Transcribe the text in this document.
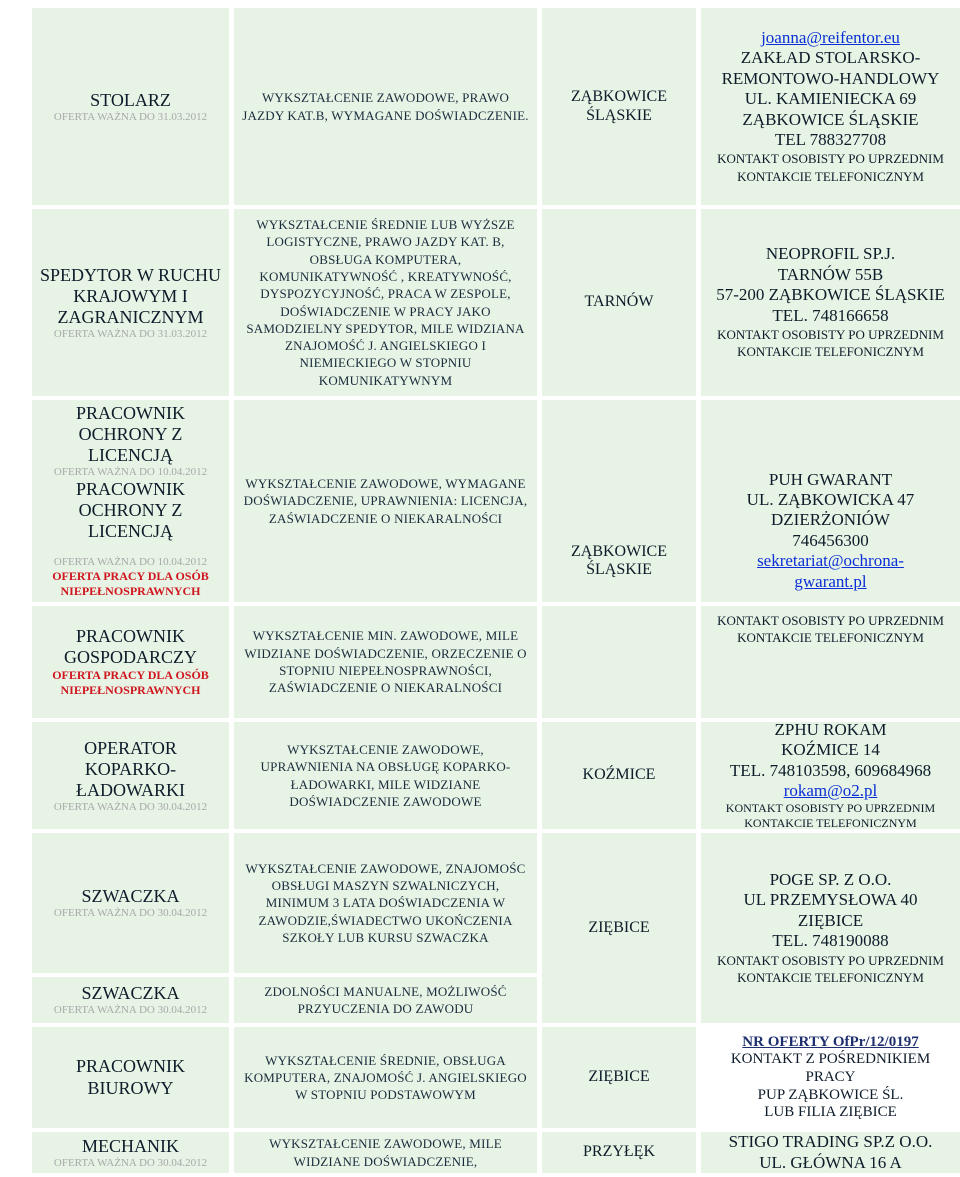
STOLARZ
OFERTA WAŻNA DO 31.03.2012
WYKSZTAŁCENIE ZAWODOWE, PRAWO JAZDY KAT.B, WYMAGANE DOŚWIADCZENIE.
ZĄBKOWICE ŚLĄSKIE
joanna@reifentor.eu
ZAKŁAD STOLARSKO-REMONTOWO-HANDLOWY
UL. KAMIENIECKA 69
ZĄBKOWICE ŚLĄSKIE
TEL 788327708
KONTAKT OSOBISTY PO UPRZEDNIM KONTAKCIE TELEFONICZNYM
SPEDYTOR W RUCHU KRAJOWYM I ZAGRANICZNYM
OFERTA WAŻNA DO 31.03.2012
WYKSZTAŁCENIE ŚREDNIE LUB WYŻSZE LOGISTYCZNE, PRAWO JAZDY KAT. B, OBSŁUGA KOMPUTERA, KOMUNIKATYWNOŚĆ , KREATYWNOŚĆ, DYSPOZYCYJNOŚĆ, PRACA W ZESPOLE, DOŚWIADCZENIE W PRACY JAKO SAMODZIELNY SPEDYTOR, MILE WIDZIANA ZNAJOMOŚĆ J. ANGIELSKIEGO I NIEMIECKIEGO W STOPNIU KOMUNIKATYWNYM
TARNÓW
NEOPROFIL SP.J.
TARNÓW 55B
57-200 ZĄBKOWICE ŚLĄSKIE
TEL. 748166658
KONTAKT OSOBISTY PO UPRZEDNIM KONTAKCIE TELEFONICZNYM
PRACOWNIK OCHRONY Z LICENCJĄ
OFERTA WAŻNA DO 10.04.2012
PRACOWNIK OCHRONY Z LICENCJĄ
OFERTA WAŻNA DO 10.04.2012
OFERTA PRACY DLA OSÓB NIEPEŁNOSPRAWNYCH
WYKSZTAŁCENIE ZAWODOWE, WYMAGANE DOŚWIADCZENIE, UPRAWNIENIA: LICENCJA, ZAŚWIADCZENIE O NIEKARALNOŚCI
ZĄBKOWICE ŚLĄSKIE
PUH GWARANT
UL. ZĄBKOWICKA 47
DZIERŻONIÓW
746456300
sekretariat@ochrona-gwarant.pl
PRACOWNIK GOSPODARCZY
OFERTA PRACY DLA OSÓB NIEPEŁNOSPRAWNYCH
WYKSZTAŁCENIE MIN. ZAWODOWE, MILE WIDZIANE DOŚWIADCZENIE, ORZECZENIE O STOPNIU NIEPEŁNOSPRAWNOŚCI, ZAŚWIADCZENIE O NIEKARALNOŚCI
KONTAKT OSOBISTY PO UPRZEDNIM KONTAKCIE TELEFONICZNYM
OPERATOR KOPARKO-ŁADOWARKI
OFERTA WAŻNA DO 30.04.2012
WYKSZTAŁCENIE ZAWODOWE, UPRAWNIENIA NA OBSŁUGĘ KOPARKO-ŁADOWARKI, MILE WIDZIANE DOŚWIADCZENIE ZAWODOWE
KOŹMICE
ZPHU ROKAM
KOŹMICE 14
TEL. 748103598, 609684968
rokam@o2.pl
KONTAKT OSOBISTY PO UPRZEDNIM KONTAKCIE TELEFONICZNYM
SZWACZKA
OFERTA WAŻNA DO 30.04.2012
WYKSZTAŁCENIE ZAWODOWE, ZNAJOMOŚC OBSŁUGI MASZYN SZWALNICZYCH, MINIMUM 3 LATA DOŚWIADCZENIA W ZAWODZIE,ŚWIADECTWO UKOŃCZENIA SZKOŁY LUB KURSU SZWACZKA
ZIĘBICE
POGE SP. Z O.O.
UL PRZEMYSŁOWA 40
ZIĘBICE
TEL. 748190088
KONTAKT OSOBISTY PO UPRZEDNIM KONTAKCIE TELEFONICZNYM
SZWACZKA
OFERTA WAŻNA DO 30.04.2012
ZDOLNOŚCI MANUALNE, MOŻLIWOŚĆ PRZYUCZENIA DO ZAWODU
PRACOWNIK BIUROWY
WYKSZTAŁCENIE ŚREDNIE, OBSŁUGA KOMPUTERA, ZNAJOMOŚĆ J. ANGIELSKIEGO W STOPNIU PODSTAWOWYM
ZIĘBICE
NR OFERTY OfPr/12/0197
KONTAKT Z POŚREDNIKIEM PRACY
PUP ZĄBKOWICE ŚL.
LUB FILIA ZIĘBICE
MECHANIK
OFERTA WAŻNA DO 30.04.2012
WYKSZTAŁCENIE ZAWODOWE, MILE WIDZIANE DOŚWIADCZENIE,
PRZYŁĘK
STIGO TRADING SP.Z O.O.
UL. GŁÓWNA 16 A
